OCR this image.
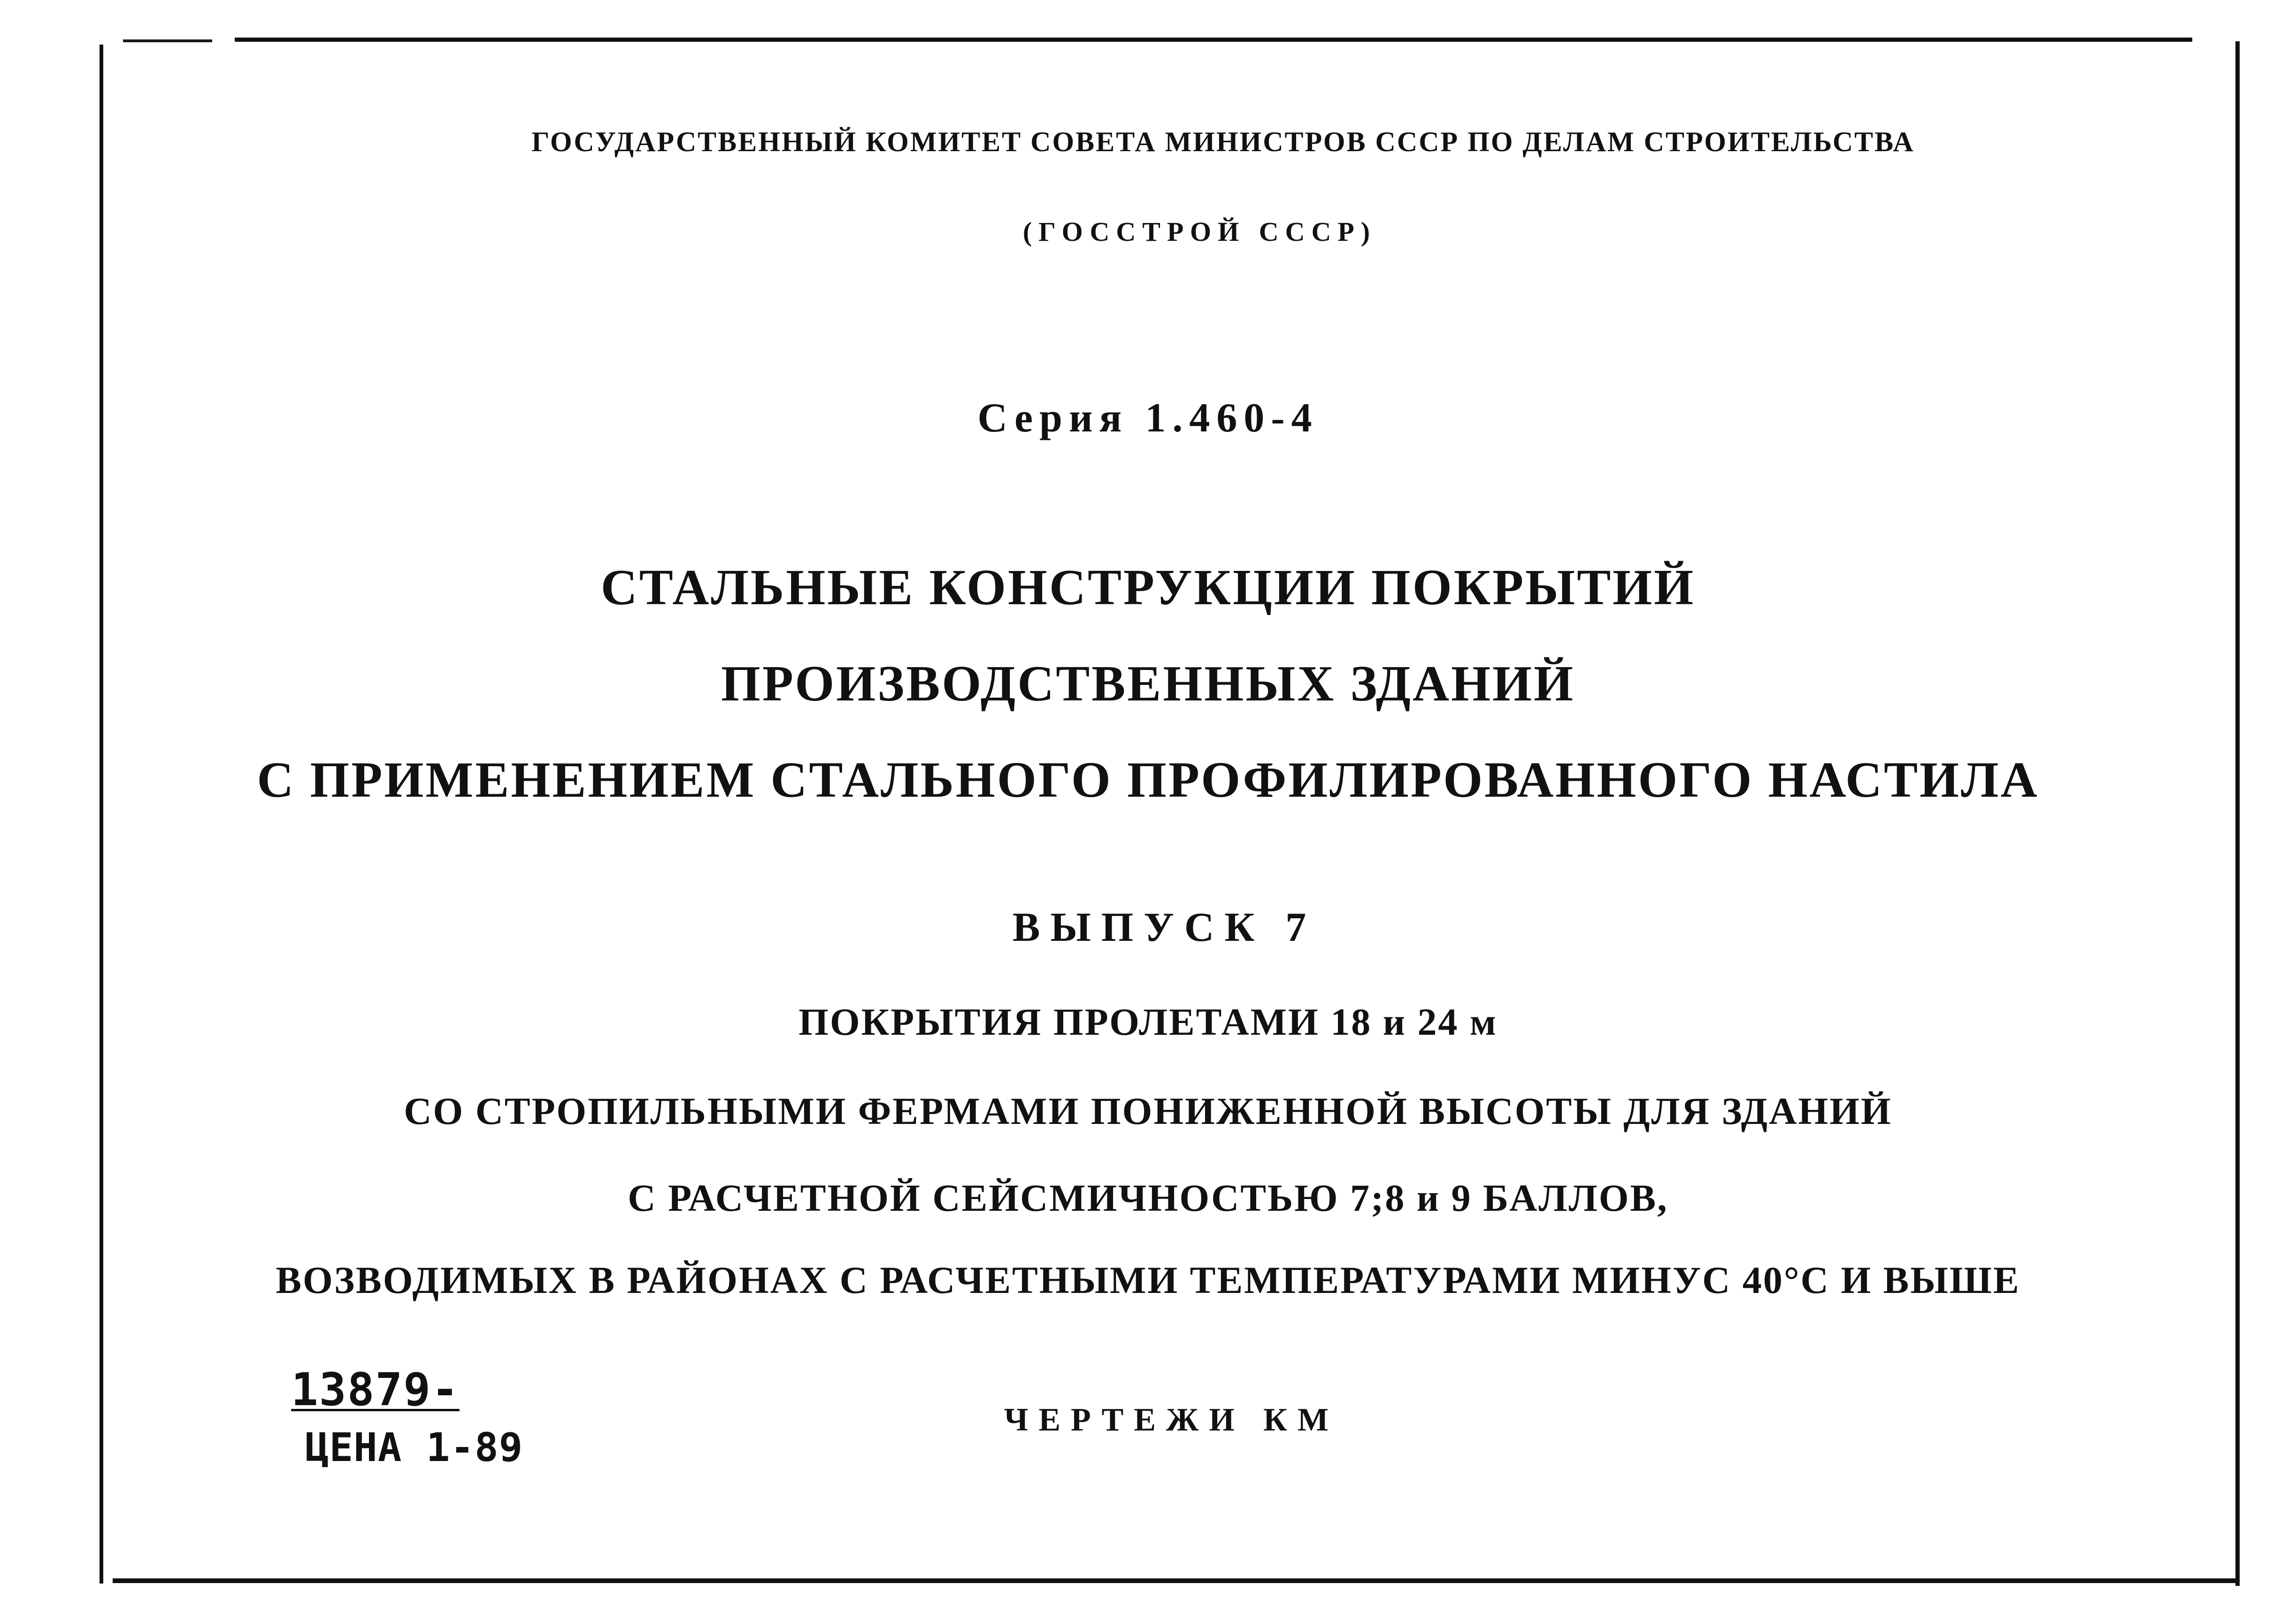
ГОСУДАРСТВЕННЫЙ КОМИТЕТ СОВЕТА МИНИСТРОВ СССР ПО ДЕЛАМ СТРОИТЕЛЬСТВА

(ГОССТРОЙ СССР)

Серия 1.460-4

СТАЛЬНЫЕ КОНСТРУКЦИИ ПОКРЫТИЙ

ПРОИЗВОДСТВЕННЫХ ЗДАНИЙ

С ПРИМЕНЕНИЕМ СТАЛЬНОГО ПРОФИЛИРОВАННОГО НАСТИЛА

ВЫПУСК 7

ПОКРЫТИЯ ПРОЛЕТАМИ 18 и 24 м

СО СТРОПИЛЬНЫМИ ФЕРМАМИ ПОНИЖЕННОЙ ВЫСОТЫ ДЛЯ ЗДАНИЙ

С РАСЧЕТНОЙ СЕЙСМИЧНОСТЬЮ 7;8 и 9 БАЛЛОВ,

ВОЗВОДИМЫХ В РАЙОНАХ С РАСЧЕТНЫМИ ТЕМПЕРАТУРАМИ МИНУС 40°С И ВЫШЕ

13879-
ЦЕНА 1-89

ЧЕРТЕЖИ КМ
